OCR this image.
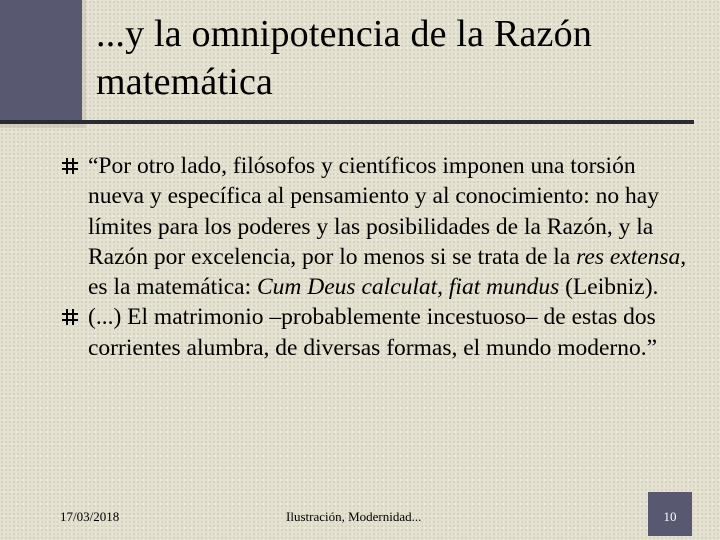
...y la omnipotencia de la Razón matemática

“Por otro lado, filósofos y científicos imponen una torsión nueva y específica al pensamiento y al conocimiento: no hay límites para los poderes y las posibilidades de la Razón, y la Razón por excelencia, por lo menos si se trata de la res extensa, es la matemática: Cum Deus calculat, fiat mundus (Leibniz).

(...) El matrimonio –probablemente incestuoso– de estas dos corrientes alumbra, de diversas formas, el mundo moderno.”

17/03/2018	Ilustración, Modernidad...	10
